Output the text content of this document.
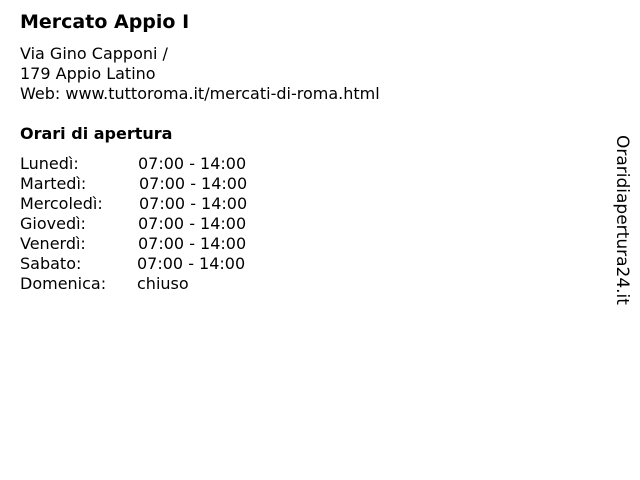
Mercato Appio I
Via Gino Capponi /
179 Appio Latino
Web: www.tuttoroma.it/mercati-di-roma.html
Orari di apertura
Lunedì:	07:00 - 14:00
Martedì:	07:00 - 14:00
Mercoledì: 07:00 - 14:00
Giovedì:	07:00 - 14:00
Venerdì:	07:00 - 14:00
Sabato:	07:00 - 14:00
Domenica: chiuso	Oraridiapertura24.it
